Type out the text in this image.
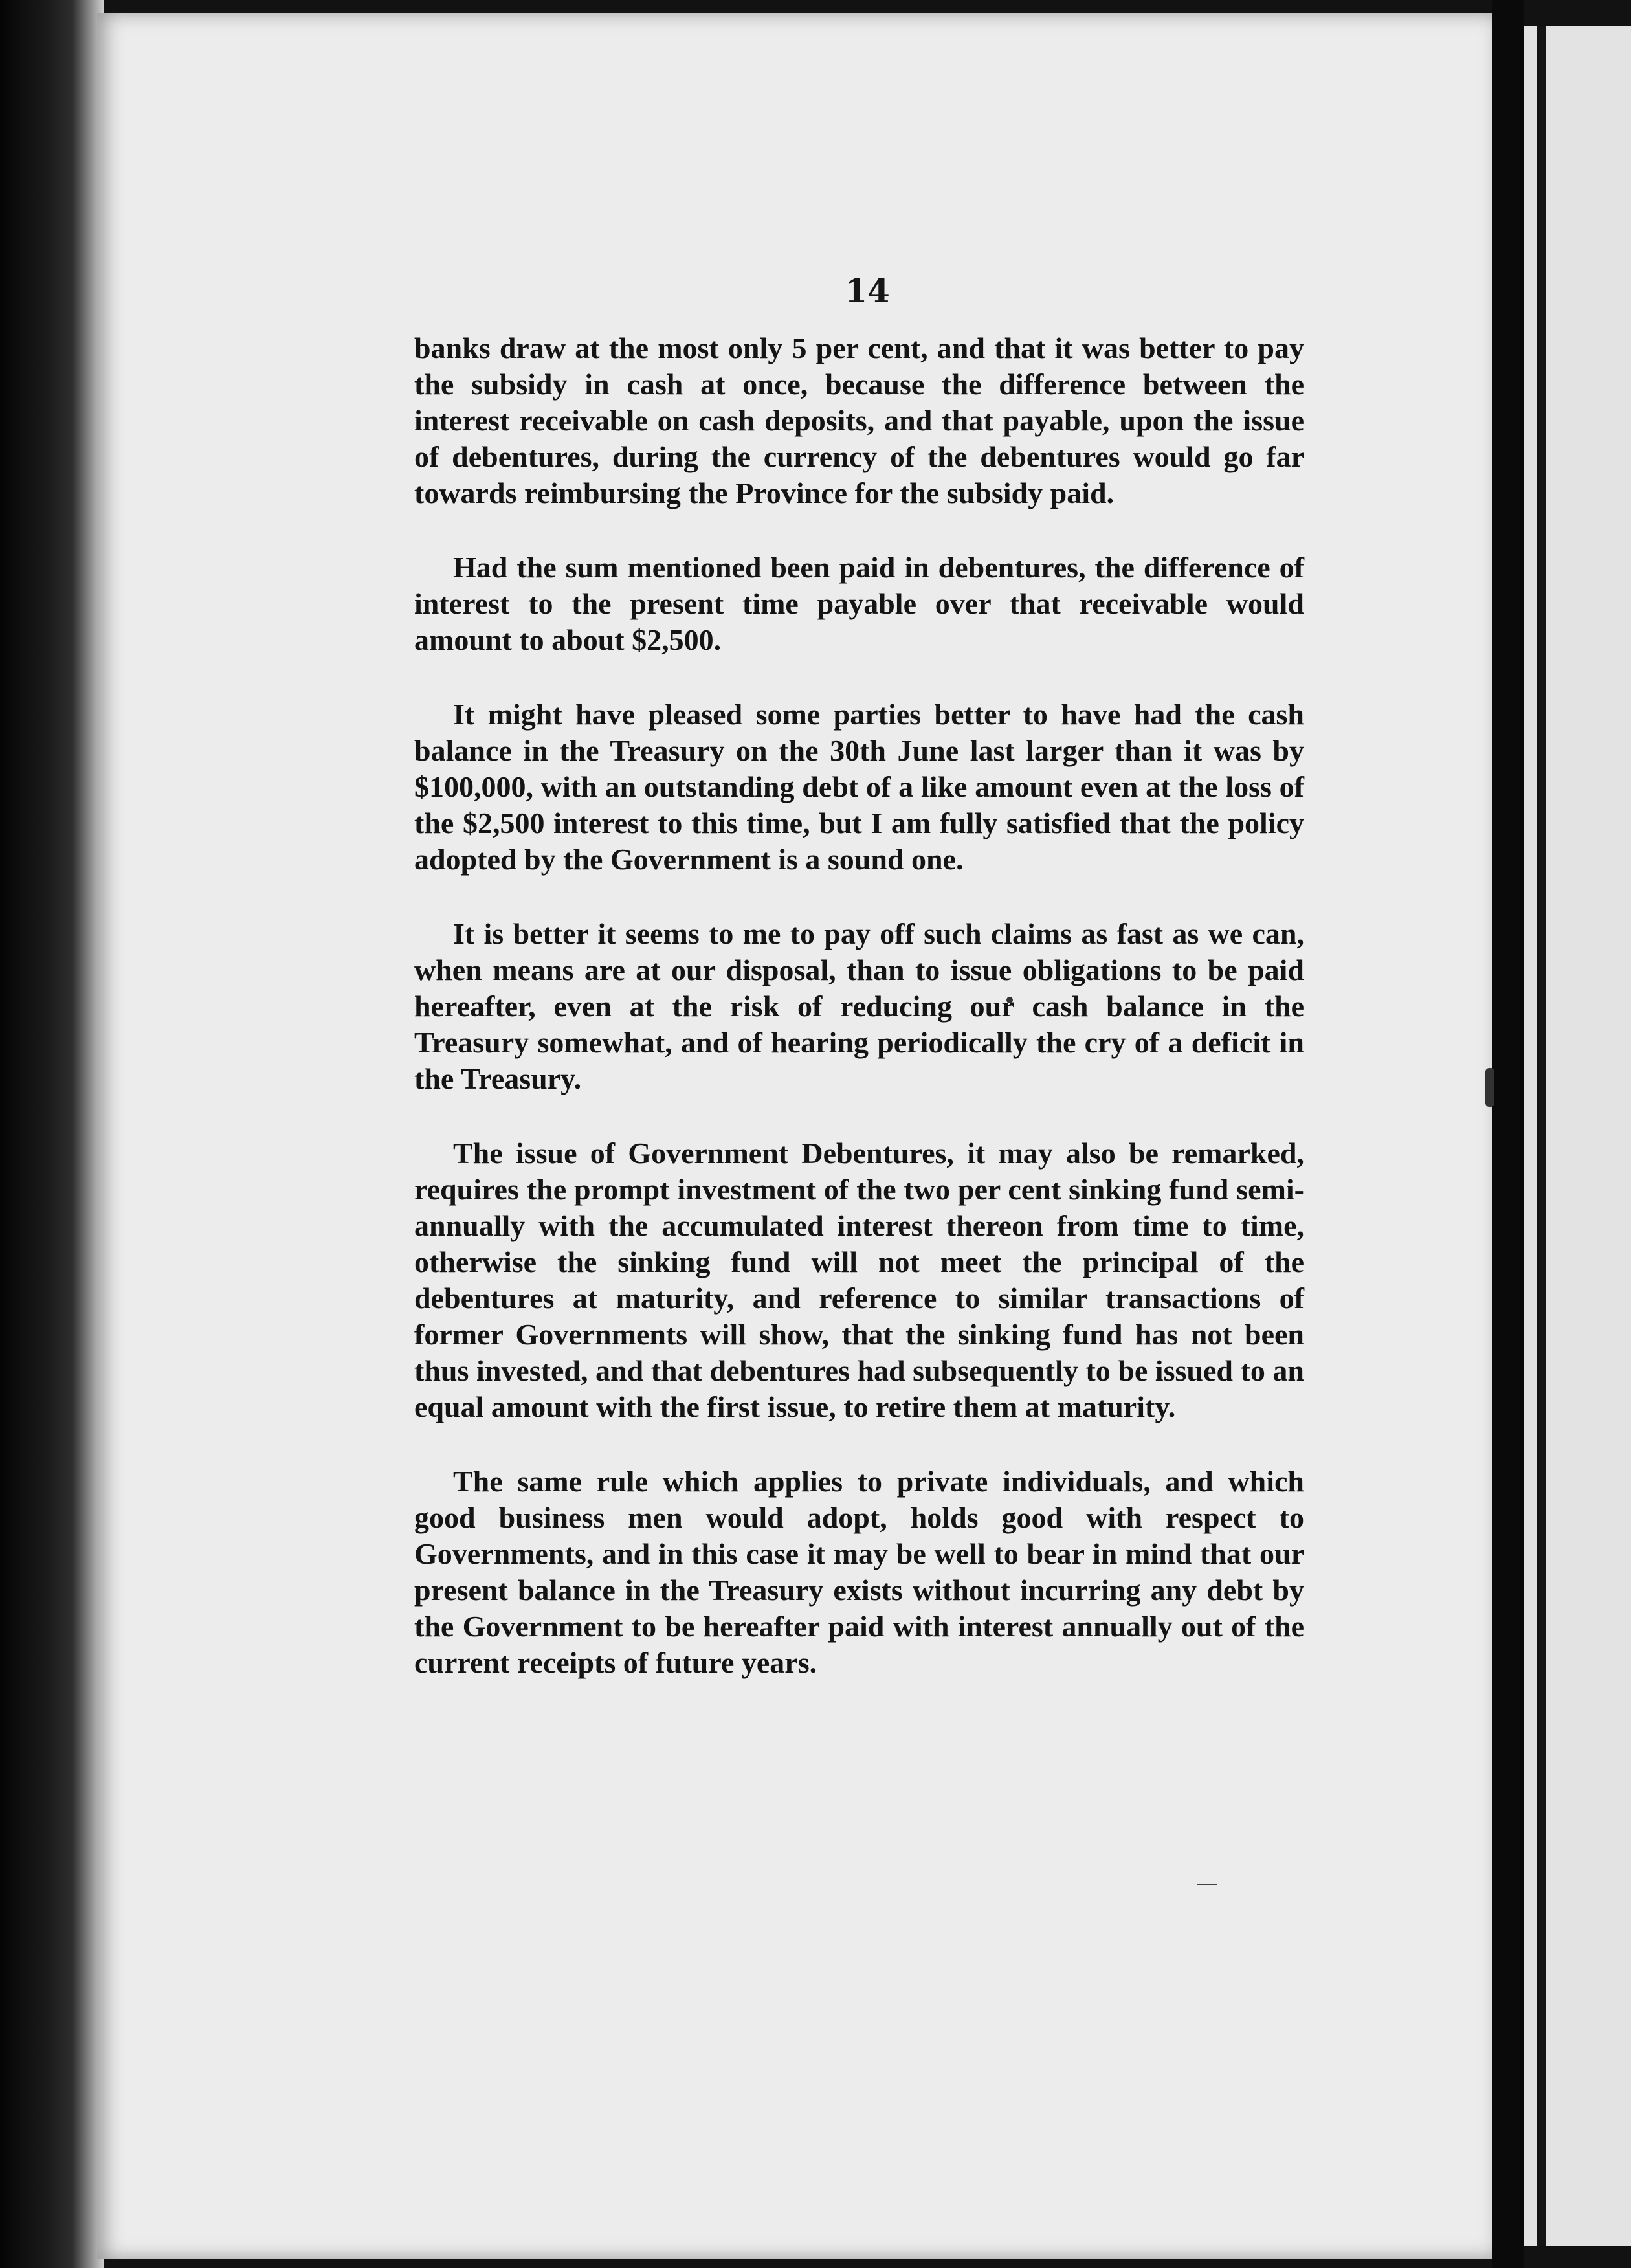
14

banks draw at the most only 5 per cent, and that it was better to pay the subsidy in cash at once, because the difference between the interest receivable on cash deposits, and that payable, upon the issue of debentures, during the currency of the debentures would go far towards reimbursing the Province for the subsidy paid.

Had the sum mentioned been paid in debentures, the difference of interest to the present time payable over that receivable would amount to about $2,500.

It might have pleased some parties better to have had the cash balance in the Treasury on the 30th June last larger than it was by $100,000, with an outstanding debt of a like amount even at the loss of the $2,500 interest to this time, but I am fully satisfied that the policy adopted by the Government is a sound one.

It is better it seems to me to pay off such claims as fast as we can, when means are at our disposal, than to issue obligations to be paid hereafter, even at the risk of reducing our cash balance in the Treasury somewhat, and of hearing periodically the cry of a deficit in the Treasury.

The issue of Government Debentures, it may also be remarked, requires the prompt investment of the two per cent sinking fund semi-annually with the accumulated interest thereon from time to time, otherwise the sinking fund will not meet the principal of the debentures at maturity, and reference to similar transactions of former Governments will show, that the sinking fund has not been thus invested, and that debentures had subsequently to be issued to an equal amount with the first issue, to retire them at maturity.

The same rule which applies to private individuals, and which good business men would adopt, holds good with respect to Governments, and in this case it may be well to bear in mind that our present balance in the Treasury exists without incurring any debt by the Government to be hereafter paid with interest annually out of the current receipts of future years.
